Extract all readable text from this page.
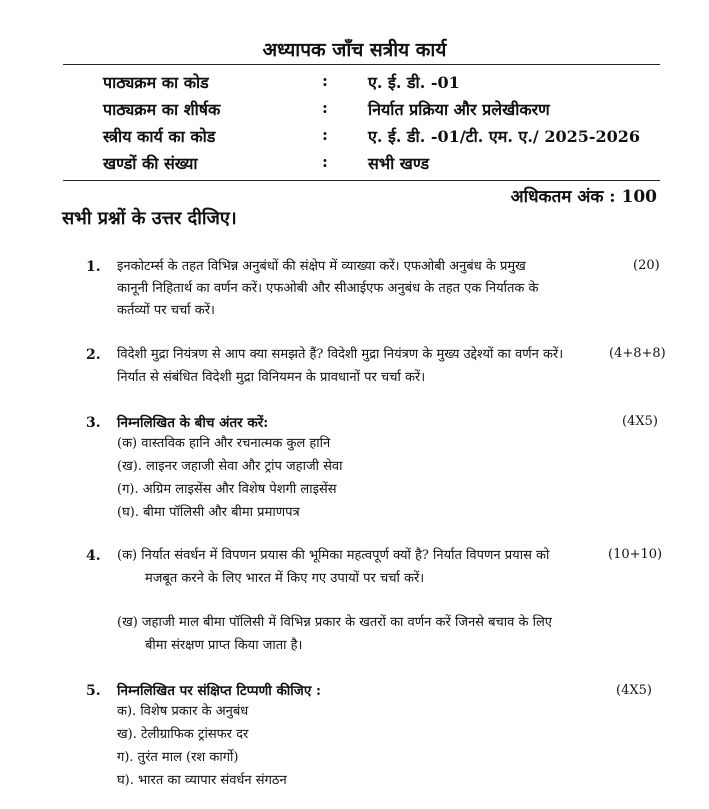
अध्यापक जाँच सत्रीय कार्य
पाठ्यक्रम का कोड	:	ए. ई. डी. -01
पाठ्यक्रम का शीर्षक	:	निर्यात प्रक्रिया और प्रलेखीकरण
स्त्रीय कार्य का कोड	:	ए. ई. डी. -01/टी. एम. ए./ 2025-2026
खण्डों की संख्या	:	सभी खण्ड
अधिकतम अंक : 100
सभी प्रश्नों के उत्तर दीजिए।
1.	(20)
इनकोटर्म्स के तहत विभिन्न अनुबंधों की संक्षेप में व्याख्या करें। एफओबी अनुबंध के प्रमुख
कानूनी निहितार्थ का वर्णन करें। एफओबी और सीआईएफ अनुबंध के तहत एक निर्यातक के
कर्तव्यों पर चर्चा करें।
2.	(4+8+8)
विदेशी मुद्रा नियंत्रण से आप क्या समझते हैं? विदेशी मुद्रा नियंत्रण के मुख्य उद्देश्यों का वर्णन करें।
निर्यात से संबंधित विदेशी मुद्रा विनियमन के प्रावधानों पर चर्चा करें।
3.	(4X5)
निम्नलिखित के बीच अंतर करें:
(क) वास्तविक हानि और रचनात्मक कुल हानि
(ख). लाइनर जहाजी सेवा और ट्रांप जहाजी सेवा
(ग). अग्रिम लाइसेंस और विशेष पेशगी लाइसेंस
(घ). बीमा पॉलिसी और बीमा प्रमाणपत्र
4.	(10+10)
(क) निर्यात संवर्धन में विपणन प्रयास की भूमिका महत्वपूर्ण क्यों है? निर्यात विपणन प्रयास को
मजबूत करने के लिए भारत में किए गए उपायों पर चर्चा करें।
(ख) जहाजी माल बीमा पॉलिसी में विभिन्न प्रकार के खतरों का वर्णन करें जिनसे बचाव के लिए
बीमा संरक्षण प्राप्त किया जाता है।
5.	(4X5)
निम्नलिखित पर संक्षिप्त टिप्पणी कीजिए :
क). विशेष प्रकार के अनुबंध
ख). टेलीग्राफिक ट्रांसफर दर
ग). तुरंत माल (रश कार्गो)
घ). भारत का व्यापार संवर्धन संगठन
